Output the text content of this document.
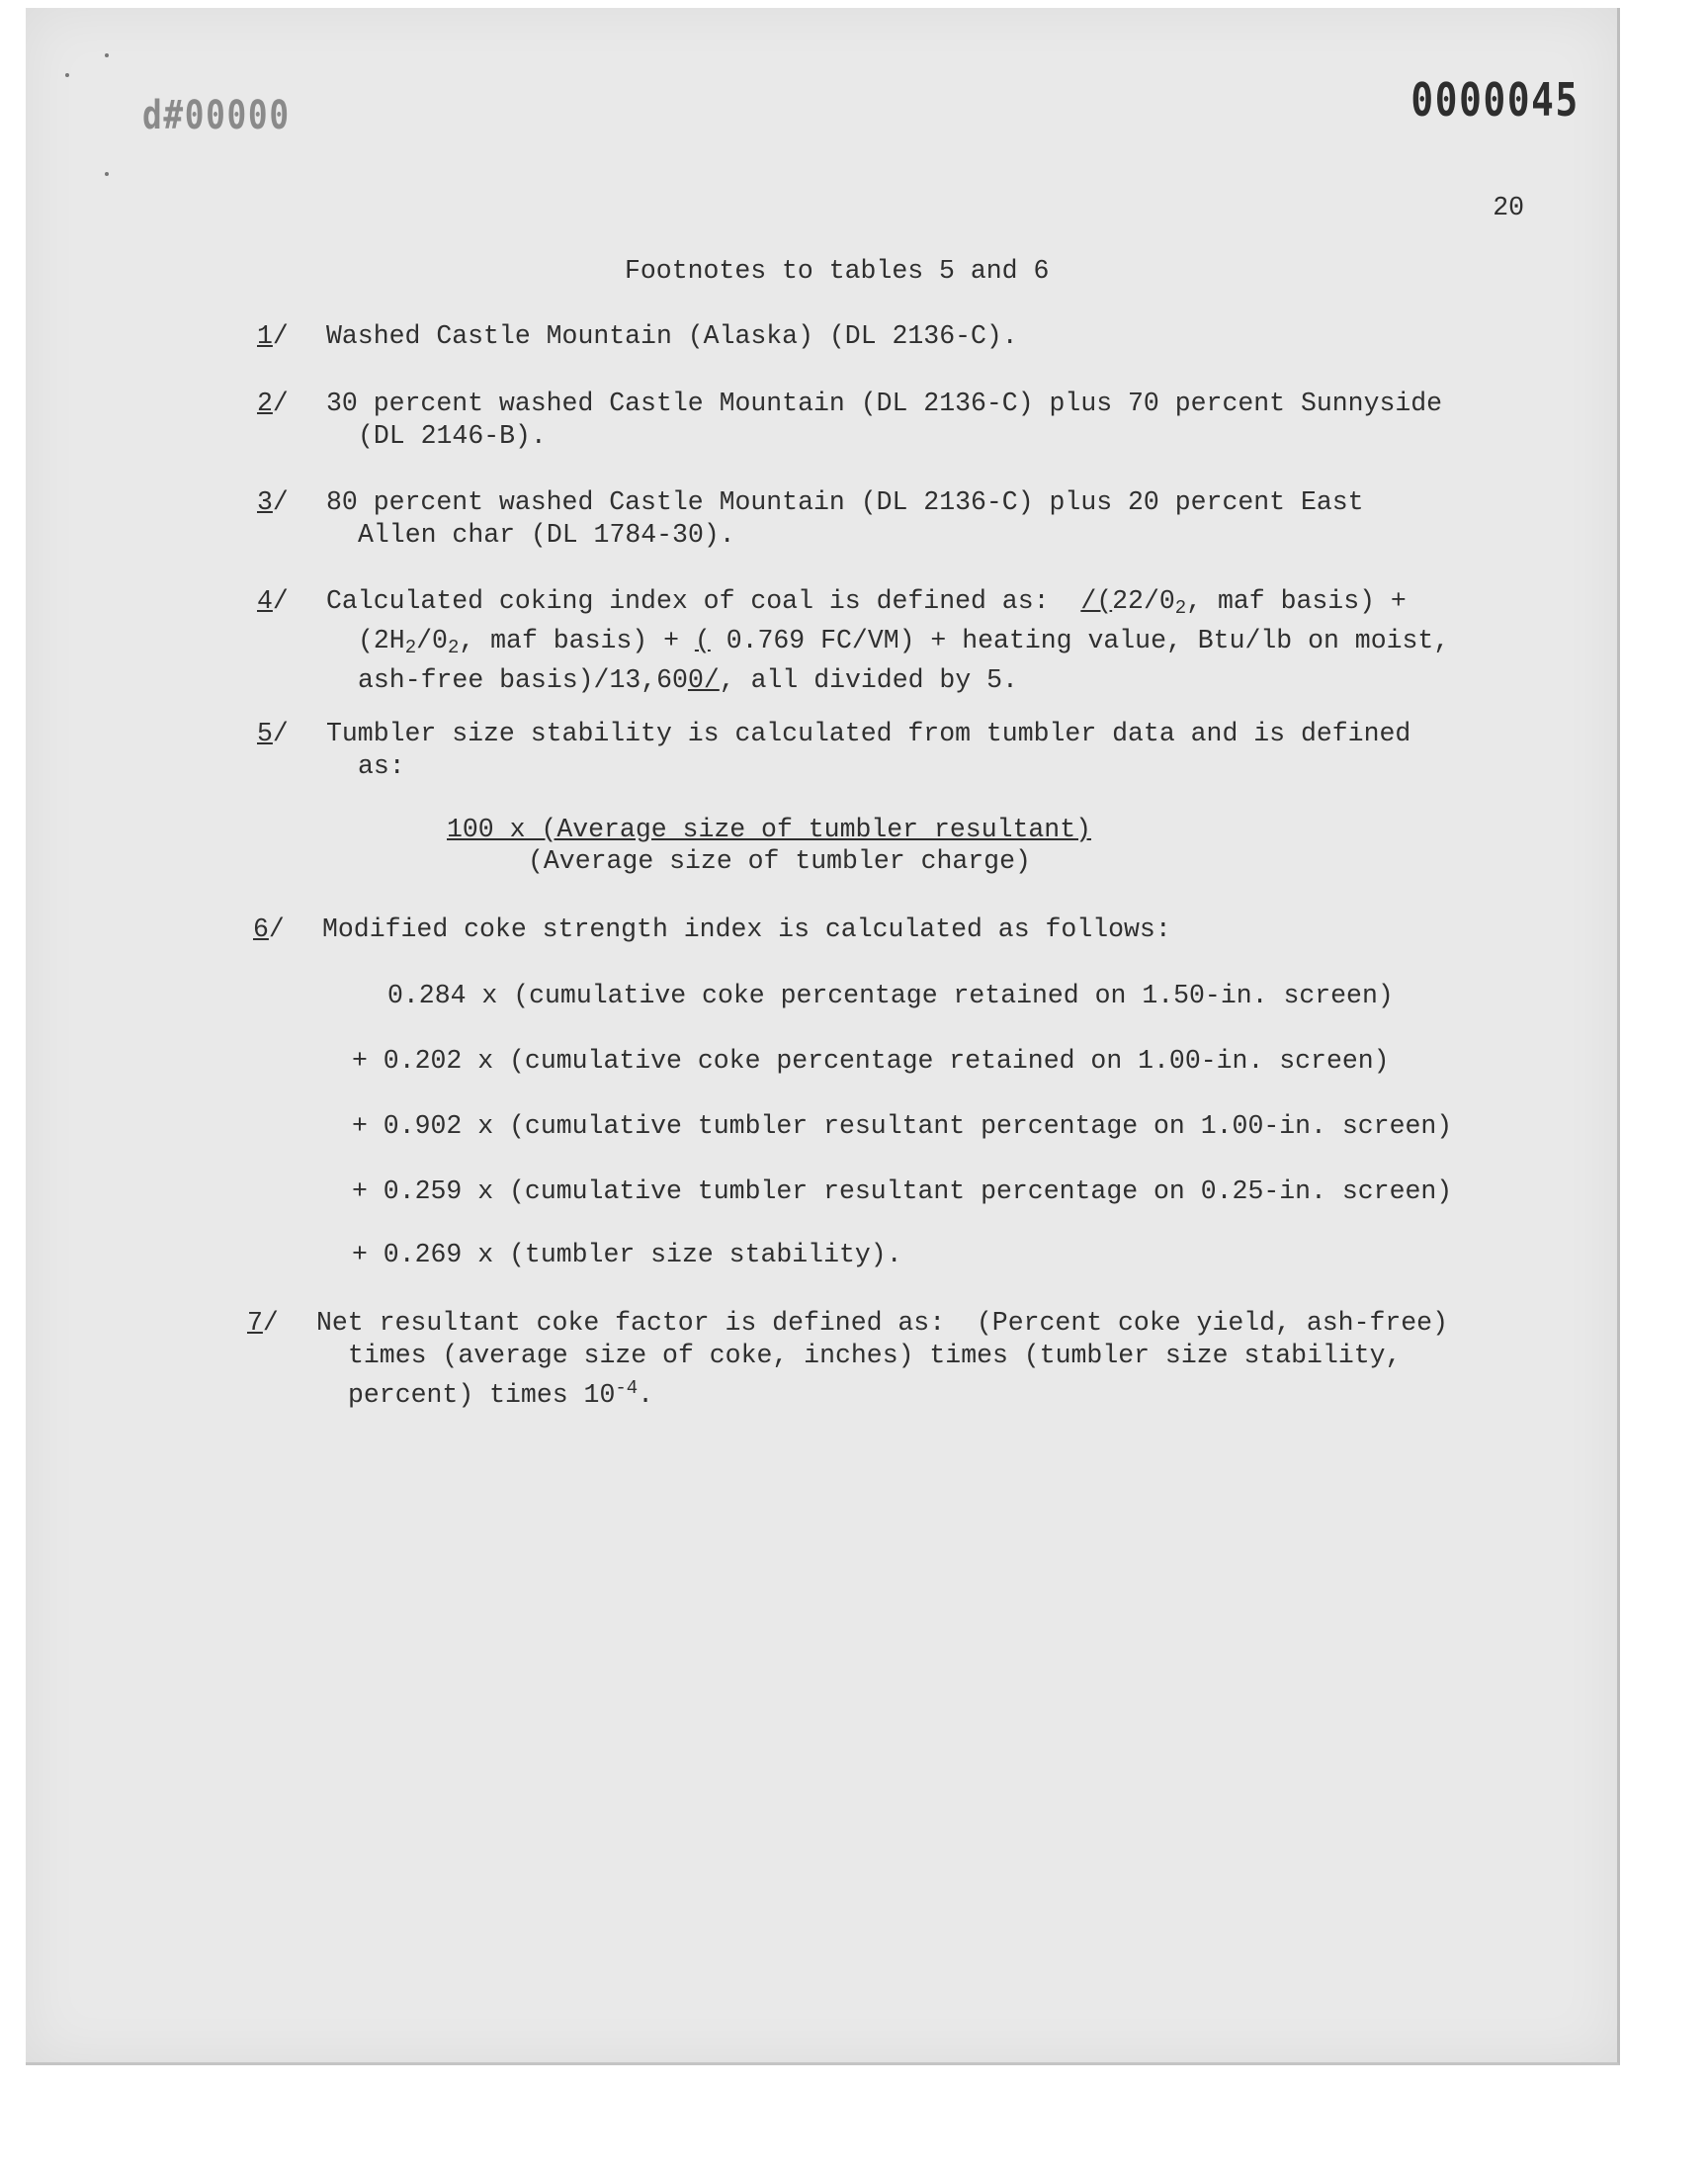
d#00000	0000045
20
Footnotes to tables 5 and 6
1/ Washed Castle Mountain (Alaska) (DL 2136-C).
2/ 30 percent washed Castle Mountain (DL 2136-C) plus 70 percent Sunnyside
(DL 2146-B).
3/ 80 percent washed Castle Mountain (DL 2136-C) plus 20 percent East
Allen char (DL 1784-30).
4/ Calculated coking index of coal is defined as:  $/(22/0_2$, maf basis) +
($2H_2/0_2$, maf basis) + ( 0.769 FC/VM) + heating value, Btu/lb on moist,
ash-free basis)/13,600/, all divided by 5.
5/ Tumbler size stability is calculated from tumbler data and is defined
as:
100 x (Average size of tumbler resultant)
(Average size of tumbler charge)
6/ Modified coke strength index is calculated as follows:
0.284 x (cumulative coke percentage retained on 1.50-in. screen)
+ 0.202 x (cumulative coke percentage retained on 1.00-in. screen)
+ 0.902 x (cumulative tumbler resultant percentage on 1.00-in. screen)
+ 0.259 x (cumulative tumbler resultant percentage on 0.25-in. screen)
+ 0.269 x (tumbler size stability).
7/ Net resultant coke factor is defined as:  (Percent coke yield, ash-free)
times (average size of coke, inches) times (tumbler size stability,
percent) times $10^{-4}$.
